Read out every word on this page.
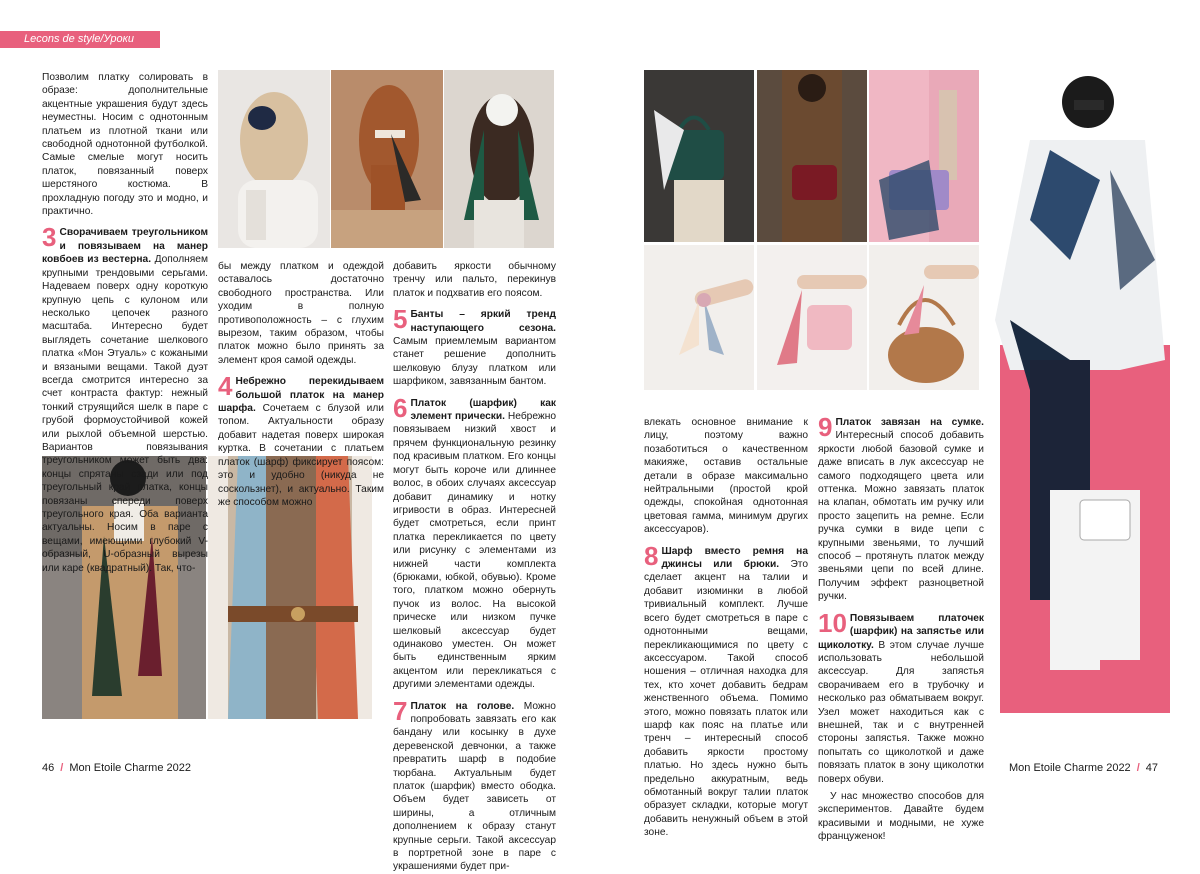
Lecons de style/Уроки стиля
Позволим платку солировать в образе: дополнительные акцентные украшения будут здесь неуместны. Носим с однотонным платьем из плотной ткани или свободной однотонной футболкой. Самые смелые могут носить платок, повязанный поверх шерстяного костюма. В прохладную погоду это и модно, и практично.
3 Сворачиваем треугольником и повязываем на манер ковбоев из вестерна. Дополняем крупными трендовыми серьгами. Надеваем поверх одну короткую крупную цепь с кулоном или несколько цепочек разного масштаба. Интересно будет выглядеть сочетание шелкового платка «Мон Этуаль» с кожаными и вязаными вещами. Такой дуэт всегда смотрится интересно за счет контраста фактур: нежный тонкий струящийся шелк в паре с грубой формоустойчивой кожей или рыхлой объемной шерстью. Вариантов повязывания треугольником может быть два: концы спрятаны сзади или под треугольный край платка, концы повязаны спереди поверх треугольного края. Оба варианта актуальны. Носим в паре с вещами, имеющими глубокий V-образный, U-образный вырезы или каре (квадратный). Так, что-
бы между платком и одеждой оставалось достаточно свободного пространства. Или уходим в полную противоположность – с глухим вырезом, таким образом, чтобы платок можно было принять за элемент кроя самой одежды.
4 Небрежно перекидываем большой платок на манер шарфа. Сочетаем с блузой или топом. Актуальности образу добавит надетая поверх широкая куртка. В сочетании с платьем платок (шарф) фиксирует поясом: это и удобно (никуда не соскользнет), и актуально. Таким же способом можно
добавить яркости обычному тренчу или пальто, перекинув платок и подхватив его поясом.
5 Банты – яркий тренд наступающего сезона. Самым приемлемым вариантом станет решение дополнить шелковую блузу платком или шарфиком, завязанным бантом.
6 Платок (шарфик) как элемент прически. Небрежно повязываем низкий хвост и прячем функциональную резинку под красивым платком. Его концы могут быть короче или длиннее волос, в обоих случаях аксессуар добавит динамику и нотку игривости в образ. Интересней будет смотреться, если принт платка перекликается по цвету или рисунку с элементами из нижней части комплекта (брюками, юбкой, обувью). Кроме того, платком можно обернуть пучок из волос. На высокой прическе или низком пучке шелковый аксессуар будет одинаково уместен. Он может быть единственным ярким акцентом или перекликаться с другими элементами одежды.
7 Платок на голове. Можно попробовать завязать его как бандану или косынку в духе деревенской девчонки, а также превратить шарф в подобие тюрбана. Актуальным будет платок (шарфик) вместо ободка. Объем будет зависеть от ширины, а отличным дополнением к образу станут крупные серьги. Такой аксессуар в портретной зоне в паре с украшениями будет при-
влекать основное внимание к лицу, поэтому важно позаботиться о качественном макияже, оставив остальные детали в образе максимально нейтральными (простой крой одежды, спокойная однотонная цветовая гамма, минимум других аксессуаров).
8 Шарф вместо ремня на джинсы или брюки. Это сделает акцент на талии и добавит изюминки в любой тривиальный комплект. Лучше всего будет смотреться в паре с однотонными вещами, перекликающимися по цвету с аксессуаром. Такой способ ношения – отличная находка для тех, кто хочет добавить бедрам женственного объема. Помимо этого, можно повязать платок или шарф как пояс на платье или тренч – интересный способ добавить яркости простому платью. Но здесь нужно быть предельно аккуратным, ведь обмотанный вокруг талии платок образует складки, которые могут добавить ненужный объем в этой зоне.
9 Платок завязан на сумке. Интересный способ добавить яркости любой базовой сумке и даже вписать в лук аксессуар не самого подходящего цвета или оттенка. Можно завязать платок на клапан, обмотать им ручку или просто зацепить на ремне. Если ручка сумки в виде цепи с крупными звеньями, то лучший способ – протянуть платок между звеньями цепи по всей длине. Получим эффект разноцветной ручки.
10 Повязываем платочек (шарфик) на запястье или щиколотку. В этом случае лучше использовать небольшой аксессуар. Для запястья сворачиваем его в трубочку и несколько раз обматываем вокруг. Узел может находиться как с внешней, так и с внутренней стороны запястья. Также можно попытать со щиколоткой и даже повязать платок в зону щиколотки поверх обуви.
У нас множество способов для экспериментов. Давайте будем красивыми и модными, не хуже француженок!
46 / Mon Etoile Charme 2022	Mon Etoile Charme 2022 / 47
